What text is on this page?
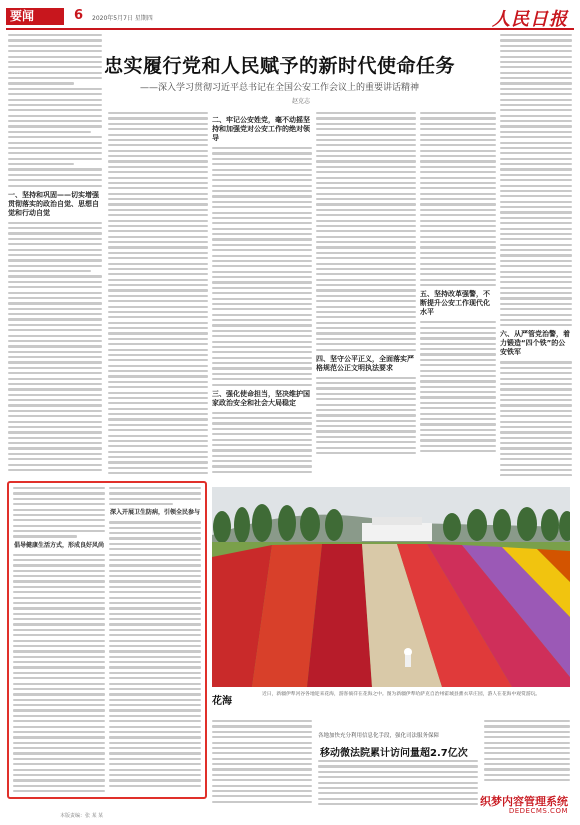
要闻	6 2020年5月7日 星期四	人民日报
忠实履行党和人民赋予的新时代使命任务
——深入学习贯彻习近平总书记在全国公安工作会议上的重要讲话精神
赵克志
一、坚持和巩固——切实增强贯彻落实的政治自觉、思想自觉和行动自觉
二、牢记公安姓党，毫不动摇坚持和加强党对公安工作的绝对领导
三、强化使命担当，坚决维护国家政治安全和社会大局稳定
四、坚守公平正义，全面落实严格规范公正文明执法要求
五、坚持改革强警，不断提升公安工作现代化水平
六、从严管党治警，着力锻造“四个铁”的公安铁军
倡导健康生活方式，形成良好风尚
深入开展卫生防病，引领全民参与
花海
近日，新疆伊犁河谷各地迎来花海，游客徜徉在花海之中。图为新疆伊犁哈萨克自治州霍城县薰衣草庄园，游人在花海中观赏游玩。
各地加快充分利用信息化手段，强化司法服务保障
移动微法院累计访问量超2.7亿次
织梦内容管理系统
DEDECMS.COM
本版责编：张 某 某
